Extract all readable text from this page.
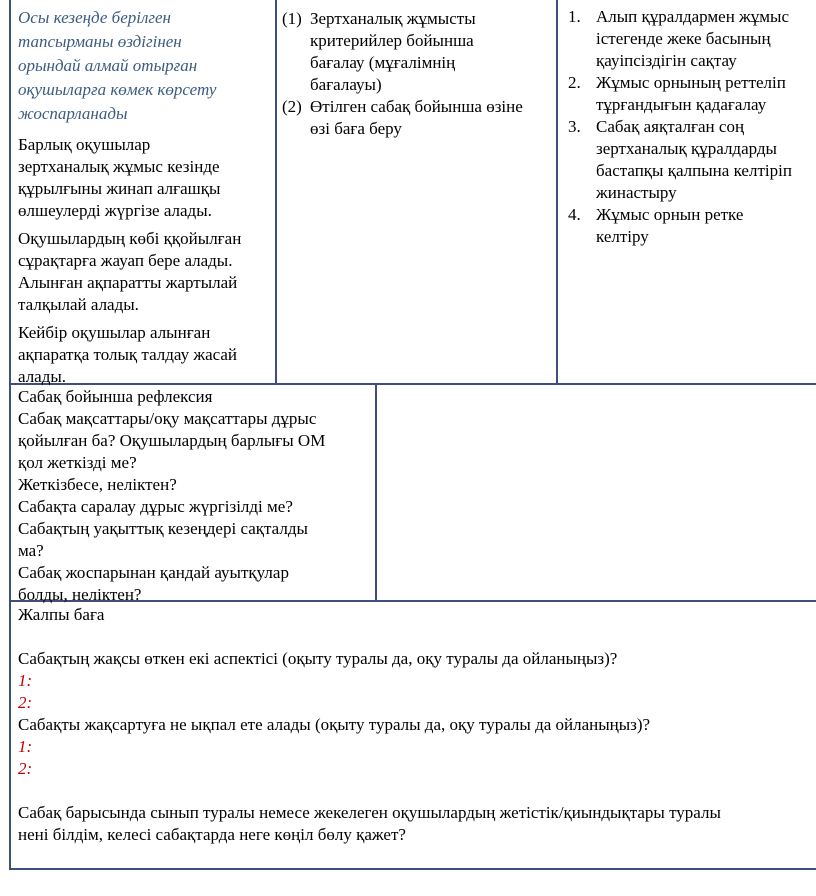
Осы кезеңде берілген
тапсырманы өздігінен
орындай алмай отырған
оқушыларға көмек көрсету
жоспарланады
Барлық оқушылар
зертханалық жұмыс кезінде
құрылғыны жинап алғашқы
өлшеулерді жүргізе алады.
Оқушылардың көбі ққойылған
сұрақтарға жауап бере алады.
Алынған ақпаратты жартылай
талқылай алады.
Кейбір оқушылар алынған
ақпаратқа толық талдау жасай
алады.
(1) Зертханалық жұмысты
критерийлер бойынша
бағалау (мұғалімнің
бағалауы)
(2) Өтілген сабақ бойынша өзіне
өзі баға беру
1. Алып құралдармен жұмыс
істегенде жеке басының
қауіпсіздігін сақтау
2. Жұмыс орнының реттеліп
тұрғандығын қадағалау
3. Сабақ аяқталған соң
зертханалық құралдарды
бастапқы қалпына келтіріп
жинастыру
4. Жұмыс орнын ретке
келтіру
Сабақ бойынша рефлексия
Сабақ мақсаттары/оқу мақсаттары дұрыс
қойылған ба? Оқушылардың барлығы ОМ
қол жеткізді ме?
Жеткізбесе, неліктен?
Сабақта саралау дұрыс жүргізілді ме?
Сабақтың уақыттық кезеңдері сақталды
ма?
Сабақ жоспарынан қандай ауытқулар
болды, неліктен?

Жалпы баға

Сабақтың жақсы өткен екі аспектісі (оқыту туралы да, оқу туралы да ойланыңыз)?

1:
2:

Сабақты жақсартуға не ықпал ете алады (оқыту туралы да, оқу туралы да ойланыңыз)?

1:
2:

Сабақ барысында сынып туралы немесе жекелеген оқушылардың жетістік/қиындықтары туралы

нені білдім, келесі сабақтарда неге көңіл бөлу қажет?
